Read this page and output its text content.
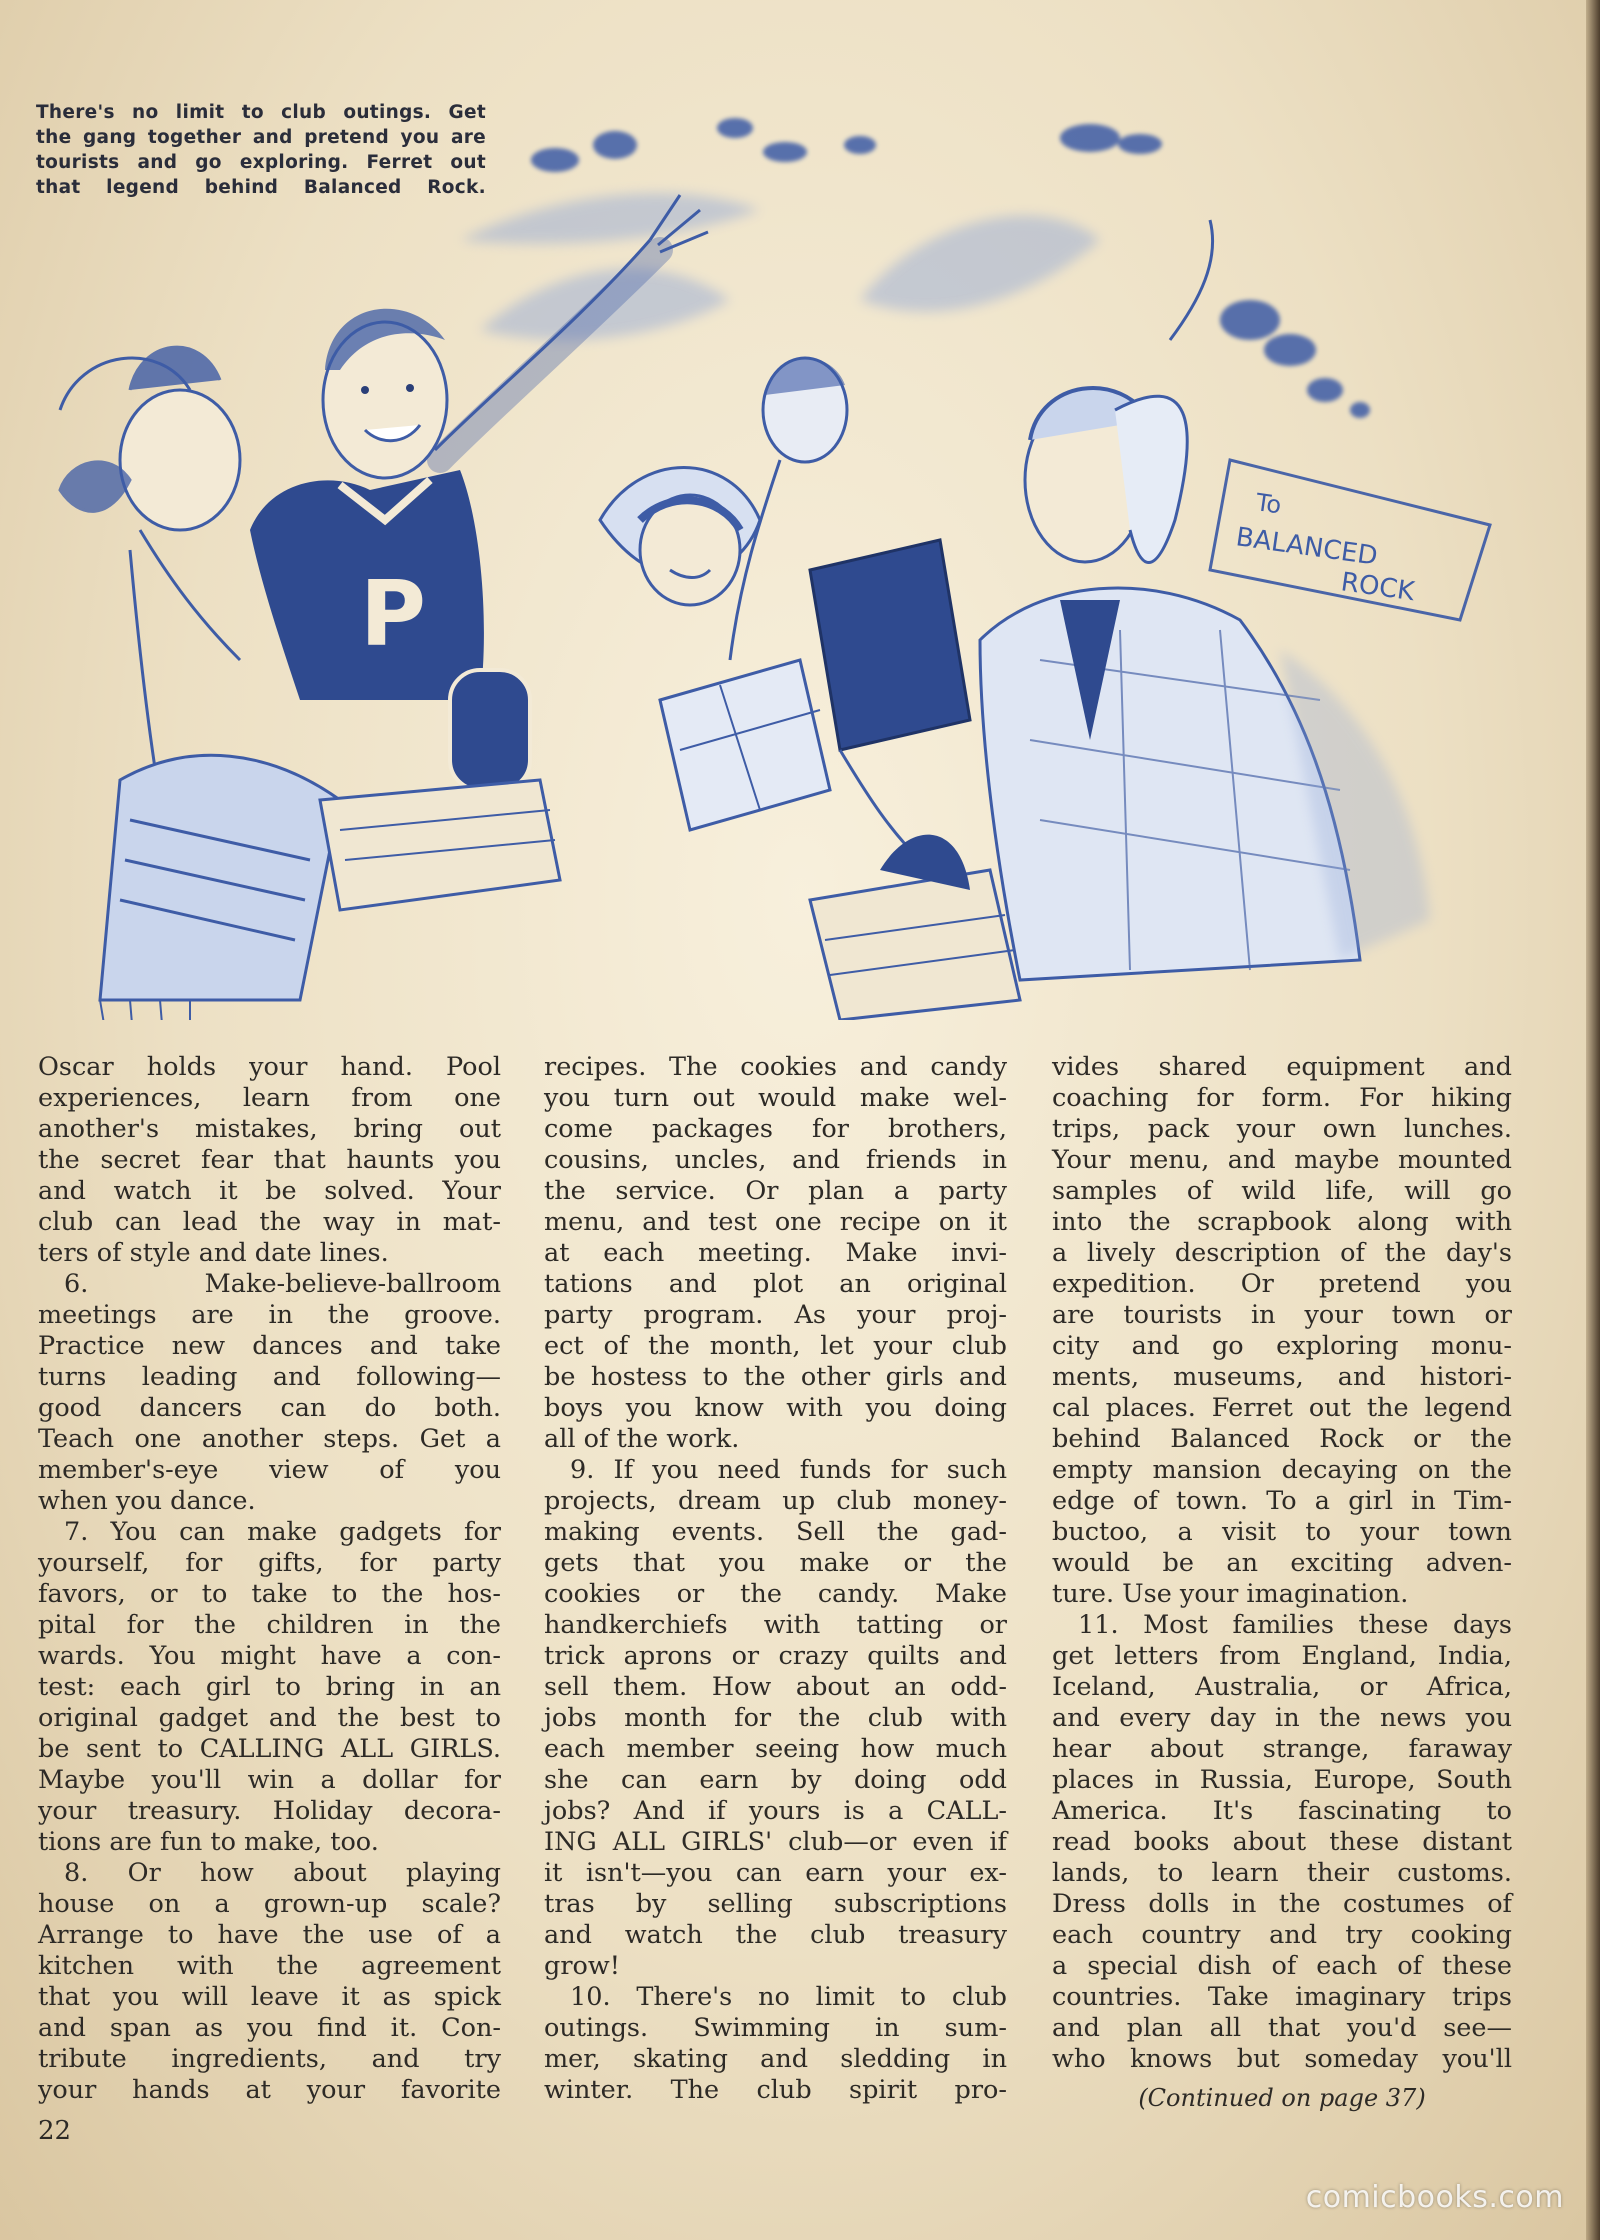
To
BALANCED
ROCK
P
There's no limit to club outings. Get
the gang together and pretend you are
tourists and go exploring. Ferret out
that legend behind Balanced Rock.

Oscar holds your hand. Pool

experiences, learn from one

another's mistakes, bring out

the secret fear that haunts you

and watch it be solved. Your

club can lead the way in mat-

ters of style and date lines.

6. Make-believe-ballroom

meetings are in the groove.

Practice new dances and take

turns leading and following—

good dancers can do both.

Teach one another steps. Get a

member's-eye view of you

when you dance.

7. You can make gadgets for

yourself, for gifts, for party

favors, or to take to the hos-

pital for the children in the

wards. You might have a con-

test: each girl to bring in an

original gadget and the best to

be sent to CALLING ALL GIRLS.

Maybe you'll win a dollar for

your treasury. Holiday decora-

tions are fun to make, too.

8. Or how about playing

house on a grown-up scale?

Arrange to have the use of a

kitchen with the agreement

that you will leave it as spick

and span as you find it. Con-

tribute ingredients, and try

your hands at your favorite

recipes. The cookies and candy

you turn out would make wel-

come packages for brothers,

cousins, uncles, and friends in

the service. Or plan a party

menu, and test one recipe on it

at each meeting. Make invi-

tations and plot an original

party program. As your proj-

ect of the month, let your club

be hostess to the other girls and

boys you know with you doing

all of the work.

9. If you need funds for such

projects, dream up club money-

making events. Sell the gad-

gets that you make or the

cookies or the candy. Make

handkerchiefs with tatting or

trick aprons or crazy quilts and

sell them. How about an odd-

jobs month for the club with

each member seeing how much

she can earn by doing odd

jobs? And if yours is a CALL-

ING ALL GIRLS' club—or even if

it isn't—you can earn your ex-

tras by selling subscriptions

and watch the club treasury

grow!

10. There's no limit to club

outings. Swimming in sum-

mer, skating and sledding in

winter. The club spirit pro-

vides shared equipment and

coaching for form. For hiking

trips, pack your own lunches.

Your menu, and maybe mounted

samples of wild life, will go

into the scrapbook along with

a lively description of the day's

expedition. Or pretend you

are tourists in your town or

city and go exploring monu-

ments, museums, and histori-

cal places. Ferret out the legend

behind Balanced Rock or the

empty mansion decaying on the

edge of town. To a girl in Tim-

buctoo, a visit to your town

would be an exciting adven-

ture. Use your imagination.

11. Most families these days

get letters from England, India,

Iceland, Australia, or Africa,

and every day in the news you

hear about strange, faraway

places in Russia, Europe, South

America. It's fascinating to

read books about these distant

lands, to learn their customs.

Dress dolls in the costumes of

each country and try cooking

a special dish of each of these

countries. Take imaginary trips

and plan all that you'd see—

who knows but someday you'll

(Continued on page 37)
22
comicbooks.com
